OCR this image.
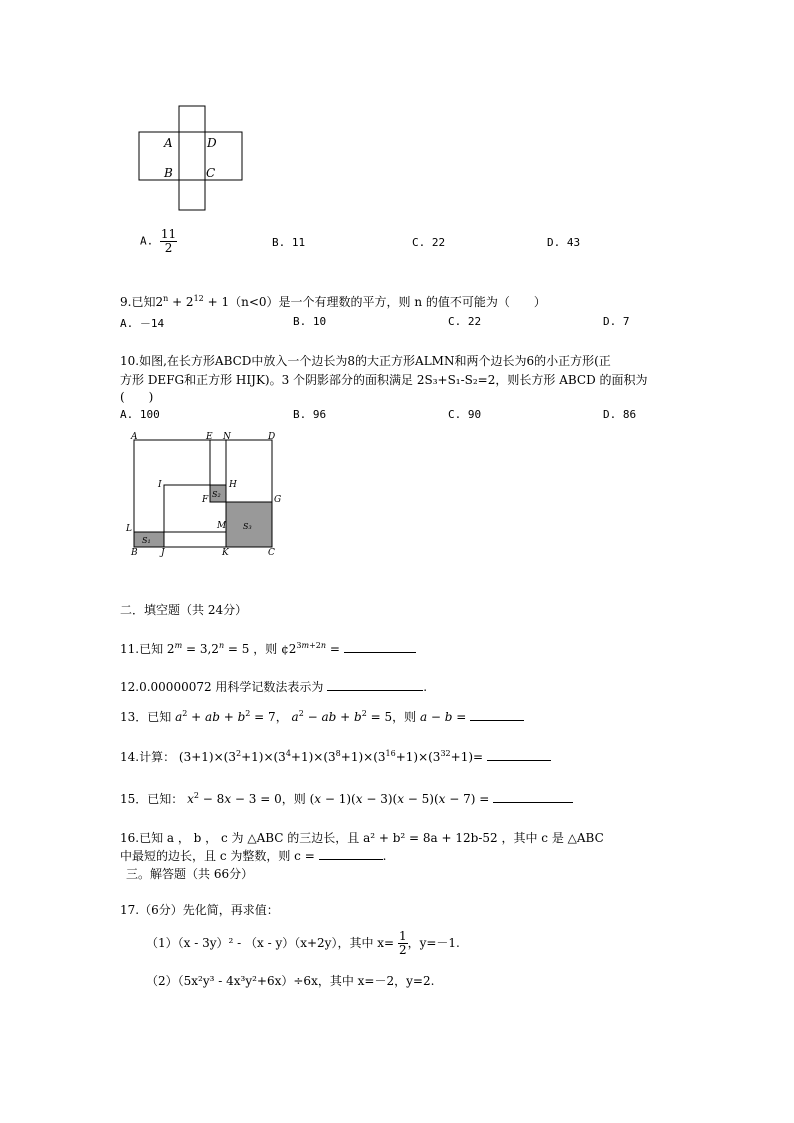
A	D
B	C
A. $\frac{11}{2}$	B. 11	C. 22	D. 43
9.已知$2^n + 2^{12} + 1(n<0)$是一个有理数的平方，则 n 的值不可能为（　　）
A. －14	B. 10	C. 22	D. 7
10.如图,在长方形ABCD中放入一个边长为8的大正方形ALMN和两个边长为6的小正方形(正
方形 DEFG和正方形 HIJK)。3 个阴影部分的面积满足 2S₃+S₁-S₂=2，则长方形 ABCD 的面积为
(　　)
A. 100	B. 96	C. 90	D. 86
A	E N	D
I	H
F	G
L	M
B	J	K	C
S₂
S₃
S₁
二．填空题（共 24分）
11.已知 $2^m = 3,2^n = 5$ ，则 $¢2^{3m+2n}$ =
12.0.00000072 用科学记数法表示为	.
13．已知 $a^2$ + ab + $b^2 = 7$， $a^2$ − ab + $b^2 = 5$，则 a − b =
14.计算： $(3+1)\times(3^2+1)\times(3^4+1)\times(3^8+1)\times(3^{16}+1)\times(3^{32}+1)=$
15．已知： $x^2 - 8x - 3 = 0$，则 (x − 1)(x − 3)(x − 5)(x − 7) =
16.已知 a ， b ， c 为 △ABC 的三边长，且 a² + b² = 8a + 12b-52 ，其中 c 是 △ABC
中最短的边长，且 c 为整数，则 c =	.
三。解答题（共 66分）
17.（6分）先化简，再求值：
（1）（x - 3y）² - （x - y）（x+2y），其中 $x= \frac{1}{2}$ ，y=－1.
（2）（5x²y³ - 4x³y²+6x）÷6x，其中 x=－2，y=2.
